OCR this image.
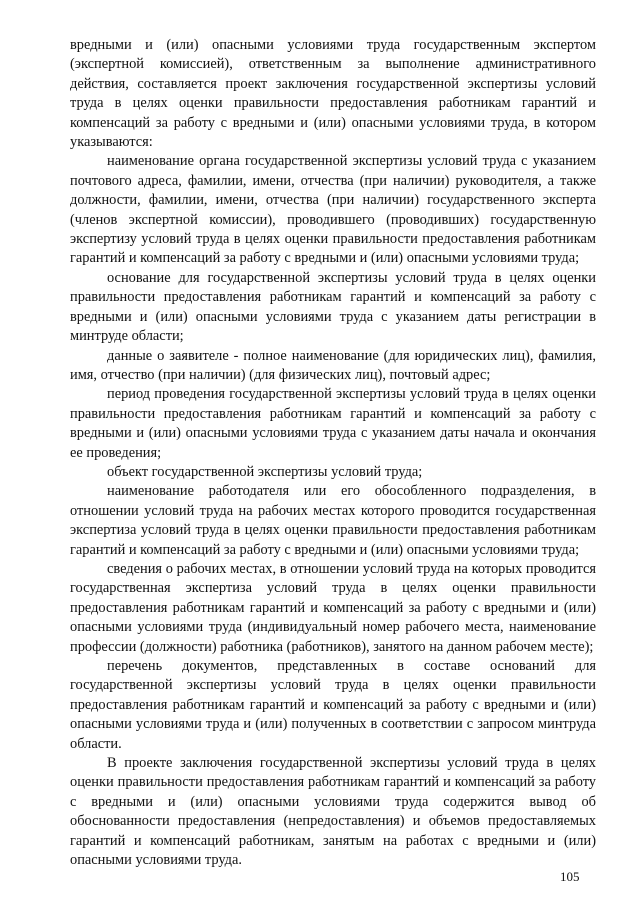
вредными и (или) опасными условиями труда государственным экспертом (экспертной комиссией), ответственным за выполнение административного действия, составляется проект заключения государственной экспертизы условий труда в целях оценки правильности предоставления работникам гарантий и компенсаций за работу с вредными и (или) опасными условиями труда, в котором указываются:

наименование органа государственной экспертизы условий труда с указанием почтового адреса, фамилии, имени, отчества (при наличии) руководителя, а также должности, фамилии, имени, отчества (при наличии) государственного эксперта (членов экспертной комиссии), проводившего (проводивших) государственную экспертизу условий труда в целях оценки правильности предоставления работникам гарантий и компенсаций за работу с вредными и (или) опасными условиями труда;

основание для государственной экспертизы условий труда в целях оценки правильности предоставления работникам гарантий и компенсаций за работу с вредными и (или) опасными условиями труда с указанием даты регистрации в минтруде области;

данные о заявителе - полное наименование (для юридических лиц), фамилия, имя, отчество (при наличии) (для физических лиц), почтовый адрес;

период проведения государственной экспертизы условий труда в целях оценки правильности предоставления работникам гарантий и компенсаций за работу с вредными и (или) опасными условиями труда с указанием даты начала и окончания ее проведения;

объект государственной экспертизы условий труда;

наименование работодателя или его обособленного подразделения, в отношении условий труда на рабочих местах которого проводится государственная экспертиза условий труда в целях оценки правильности предоставления работникам гарантий и компенсаций за работу с вредными и (или) опасными условиями труда;

сведения о рабочих местах, в отношении условий труда на которых проводится государственная экспертиза условий труда в целях оценки правильности предоставления работникам гарантий и компенсаций за работу с вредными и (или) опасными условиями труда (индивидуальный номер рабочего места, наименование профессии (должности) работника (работников), занятого на данном рабочем месте);

перечень документов, представленных в составе оснований для государственной экспертизы условий труда в целях оценки правильности предоставления работникам гарантий и компенсаций за работу с вредными и (или) опасными условиями труда и (или) полученных в соответствии с запросом минтруда области.

В проекте заключения государственной экспертизы условий труда в целях оценки правильности предоставления работникам гарантий и компенсаций за работу с вредными и (или) опасными условиями труда содержится вывод об обоснованности предоставления (непредоставления) и объемов предоставляемых гарантий и компенсаций работникам, занятым на работах с вредными и (или) опасными условиями труда.

105
